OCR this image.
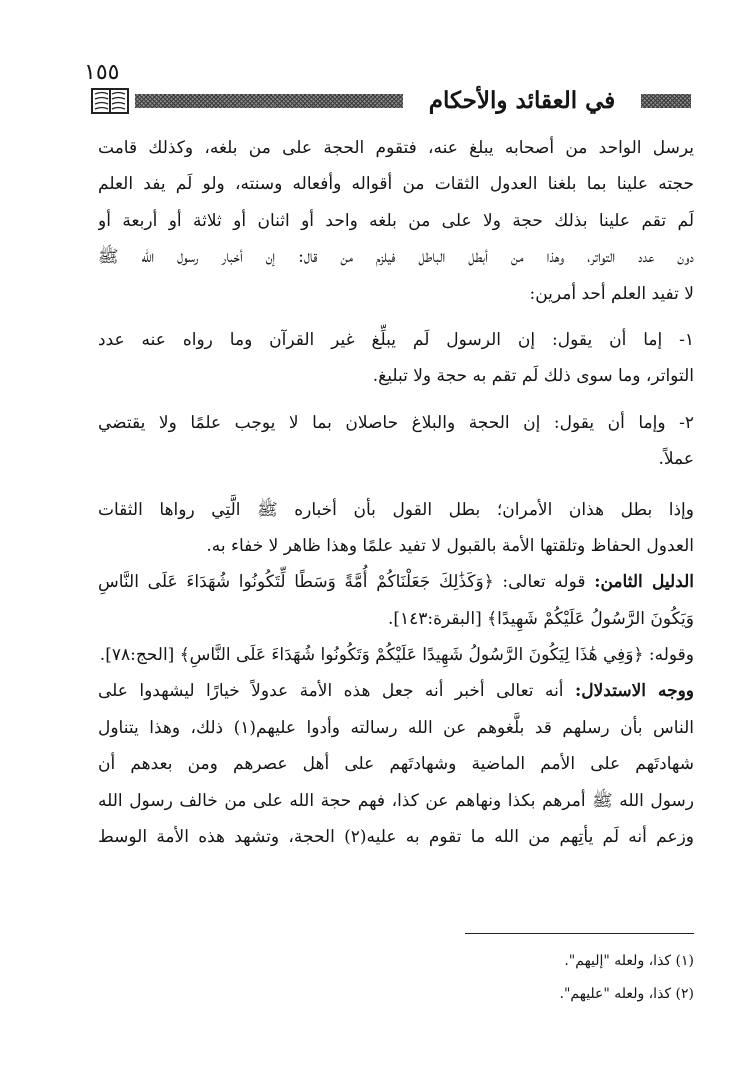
١٥٥
في العقائد والأحكام
يرسل الواحد من أصحابه يبلغ عنه، فتقوم الحجة على من بلغه، وكذلك قامت
حجته علينا بما بلغنا العدول الثقات من أقواله وأفعاله وسنته، ولو لَم يفد العلم
لَم تقم علينا بذلك حجة ولا على من بلغه واحد أو اثنان أو ثلاثة أو أربعة أو
دون عدد التواتر، وهذا من أبطل الباطل فيلزم من قال: إن أخبار رسول الله ﷺ
لا تفيد العلم أحد أمرين:
١- إما أن يقول: إن الرسول لَم يبلِّغ غير القرآن وما رواه عنه عدد
التواتر، وما سوى ذلك لَم تقم به حجة ولا تبليغ.
٢- وإما أن يقول: إن الحجة والبلاغ حاصلان بما لا يوجب علمًا ولا يقتضي
عملاً.
وإذا بطل هذان الأمران؛ بطل القول بأن أخباره ﷺ الَّتِي رواها الثقات
العدول الحفاظ وتلقتها الأمة بالقبول لا تفيد علمًا وهذا ظاهر لا خفاء به.
الدليل الثامن: قوله تعالى: ﴿وَكَذَٰلِكَ جَعَلْنَاكُمْ أُمَّةً وَسَطًا لِّتَكُونُوا شُهَدَاءَ عَلَى النَّاسِ
وَيَكُونَ الرَّسُولُ عَلَيْكُمْ شَهِيدًا﴾ [البقرة:١٤٣].
وقوله: ﴿وَفِي هَٰذَا لِيَكُونَ الرَّسُولُ شَهِيدًا عَلَيْكُمْ وَتَكُونُوا شُهَدَاءَ عَلَى النَّاسِ﴾ [الحج:٧٨].
ووجه الاستدلال: أنه تعالى أخبر أنه جعل هذه الأمة عدولاً خيارًا ليشهدوا على
الناس بأن رسلهم قد بلَّغوهم عن الله رسالته وأدوا عليهم(١) ذلك، وهذا يتناول
شهادتَهم على الأمم الماضية وشهادتَهم على أهل عصرهم ومن بعدهم أن
رسول الله ﷺ أمرهم بكذا ونهاهم عن كذا، فهم حجة الله على من خالف رسول الله
وزعم أنه لَم يأتِهم من الله ما تقوم به عليه(٢) الحجة، وتشهد هذه الأمة الوسط
(١) كذا، ولعله "إليهم".
(٢) كذا، ولعله "عليهم".
